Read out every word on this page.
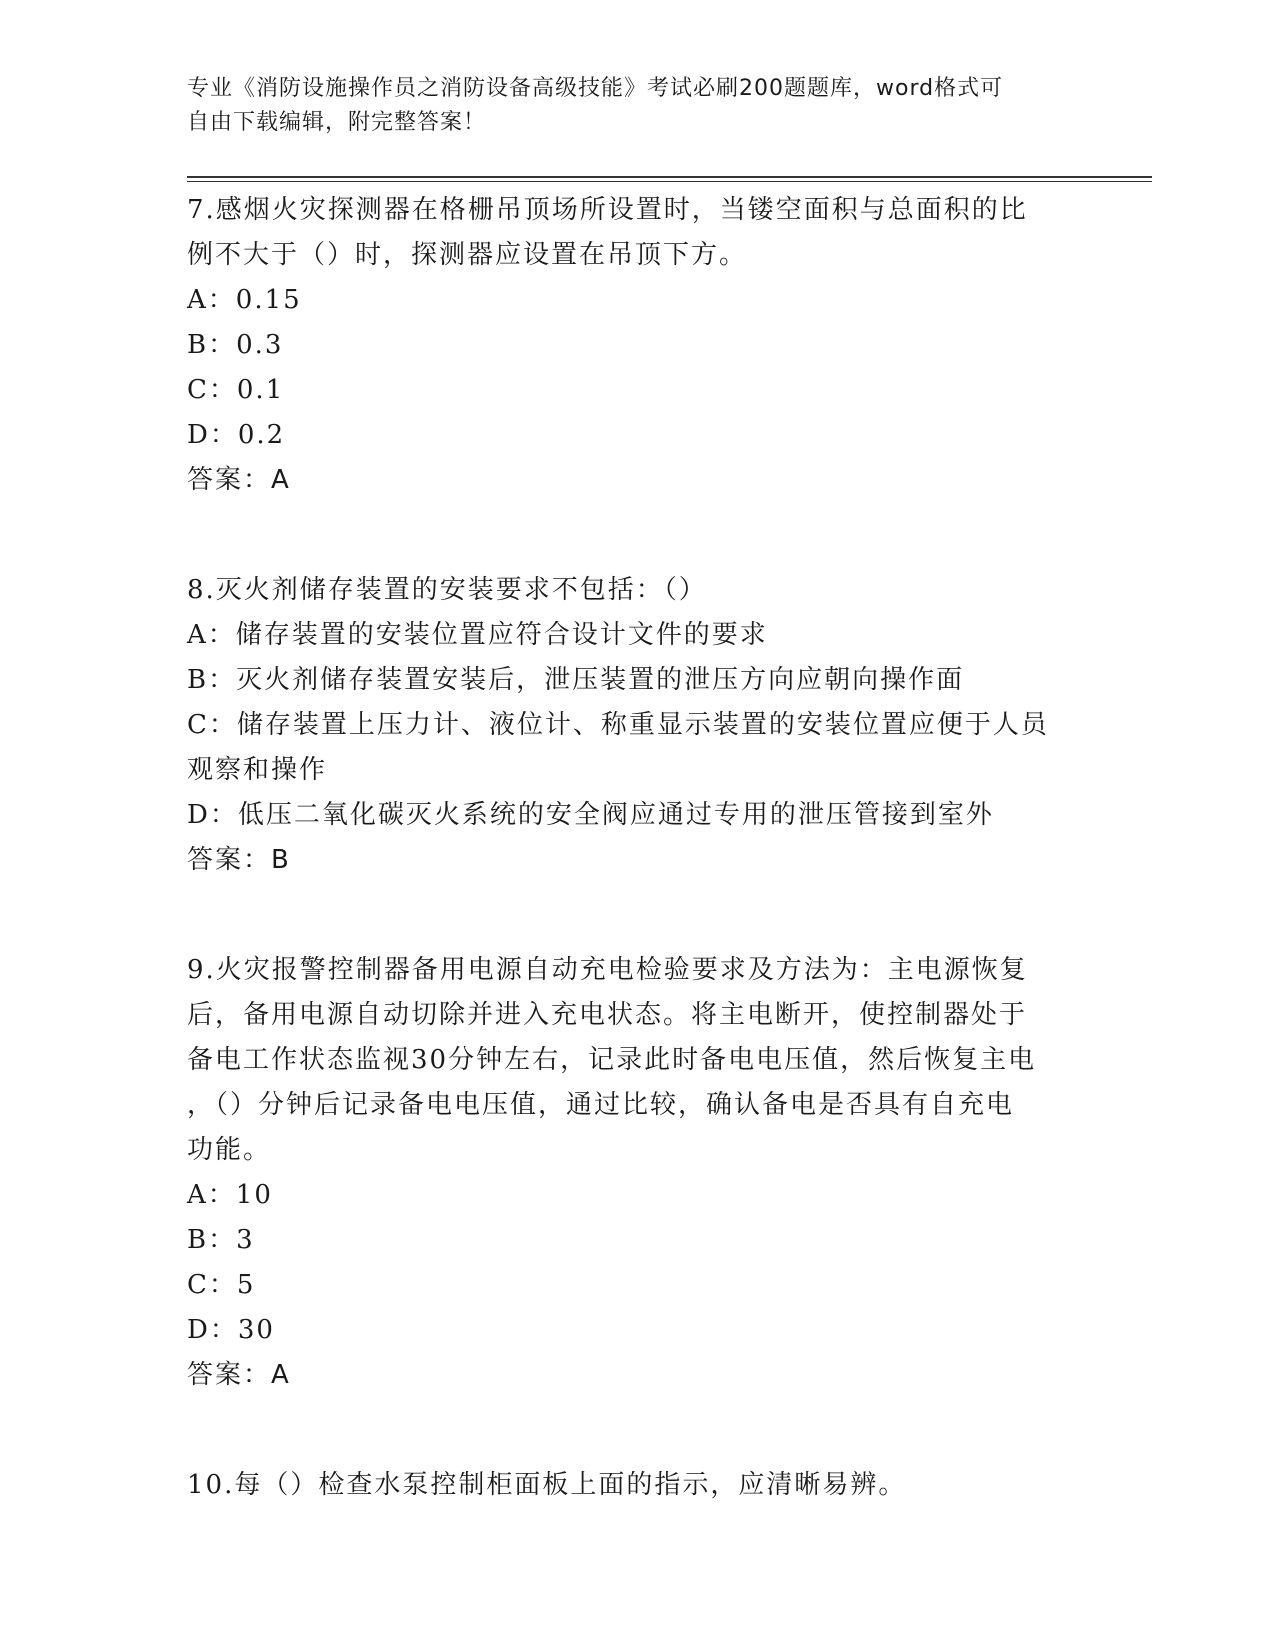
专业《消防设施操作员之消防设备高级技能》考试必刷200题题库，word格式可
自由下载编辑，附完整答案！
7.感烟火灾探测器在格栅吊顶场所设置时，当镂空面积与总面积的比
例不大于（）时，探测器应设置在吊顶下方。
A：0.15
B：0.3
C：0.1
D：0.2
答案：A
8.灭火剂储存装置的安装要求不包括：（）
A：储存装置的安装位置应符合设计文件的要求
B：灭火剂储存装置安装后，泄压装置的泄压方向应朝向操作面
C：储存装置上压力计、液位计、称重显示装置的安装位置应便于人员
观察和操作
D：低压二氧化碳灭火系统的安全阀应通过专用的泄压管接到室外
答案：B
9.火灾报警控制器备用电源自动充电检验要求及方法为：主电源恢复
后，备用电源自动切除并进入充电状态。将主电断开，使控制器处于
备电工作状态监视30分钟左右，记录此时备电电压值，然后恢复主电
，（）分钟后记录备电电压值，通过比较，确认备电是否具有自充电
功能。
A：10
B：3
C：5
D：30
答案：A
10.每（）检查水泵控制柜面板上面的指示，应清晰易辨。
